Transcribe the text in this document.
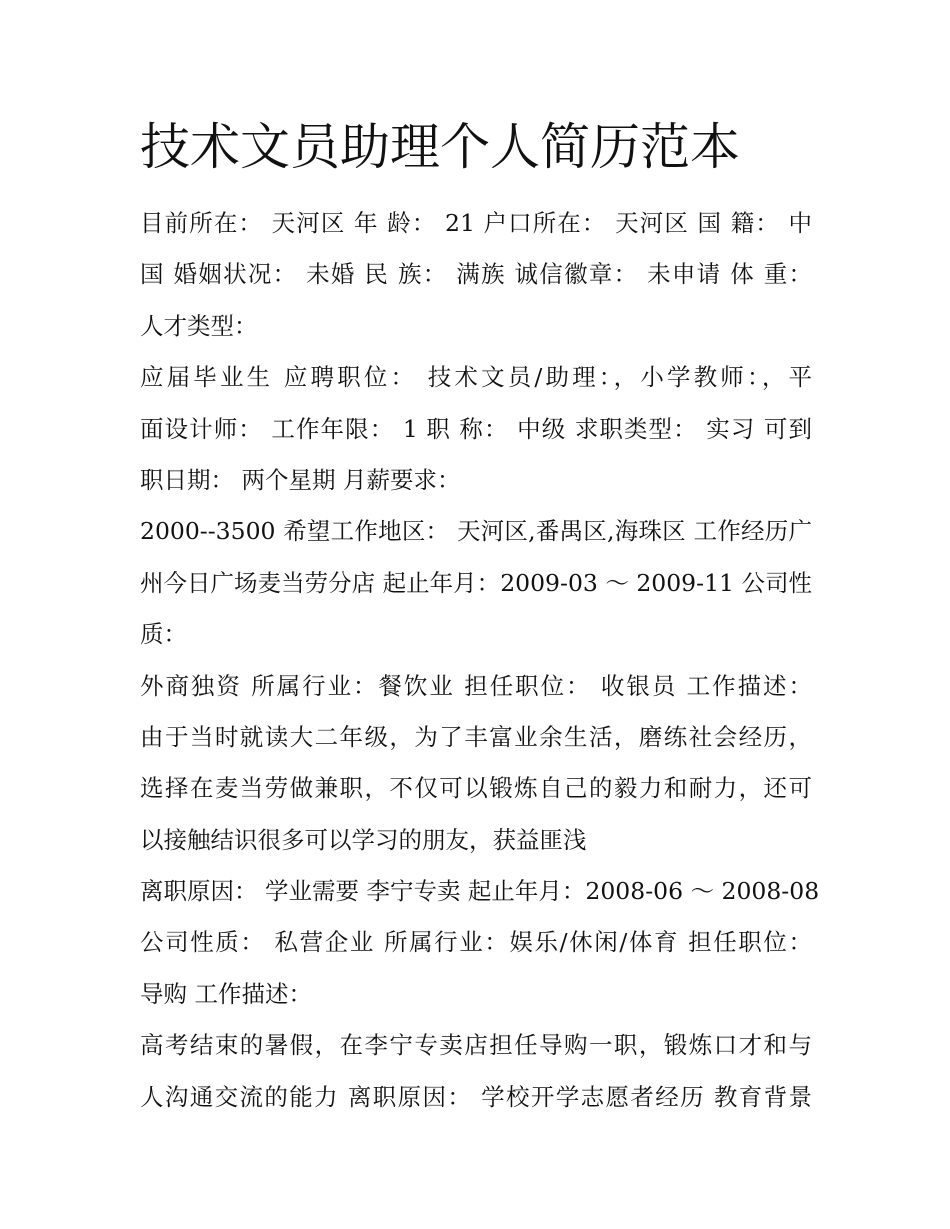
技术文员助理个人简历范本
目前所在： 天河区 年 龄： 21 户口所在： 天河区 国 籍： 中
国 婚姻状况： 未婚 民 族： 满族 诚信徽章： 未申请 体 重：
人才类型：
应届毕业生 应聘职位： 技术文员/助理：，小学教师：，平
面设计师： 工作年限： 1 职 称： 中级 求职类型： 实习 可到
职日期： 两个星期 月薪要求：
2000--3500 希望工作地区： 天河区,番禺区,海珠区 工作经历广
州今日广场麦当劳分店 起止年月：2009-03 ～ 2009-11 公司性
质：
外商独资 所属行业：餐饮业 担任职位： 收银员 工作描述：
由于当时就读大二年级，为了丰富业余生活，磨练社会经历，
选择在麦当劳做兼职，不仅可以锻炼自己的毅力和耐力，还可
以接触结识很多可以学习的朋友，获益匪浅
离职原因： 学业需要 李宁专卖 起止年月：2008-06 ～ 2008-08
公司性质： 私营企业 所属行业：娱乐/休闲/体育 担任职位：
导购 工作描述：
高考结束的暑假，在李宁专卖店担任导购一职，锻炼口才和与
人沟通交流的能力 离职原因： 学校开学志愿者经历 教育背景
